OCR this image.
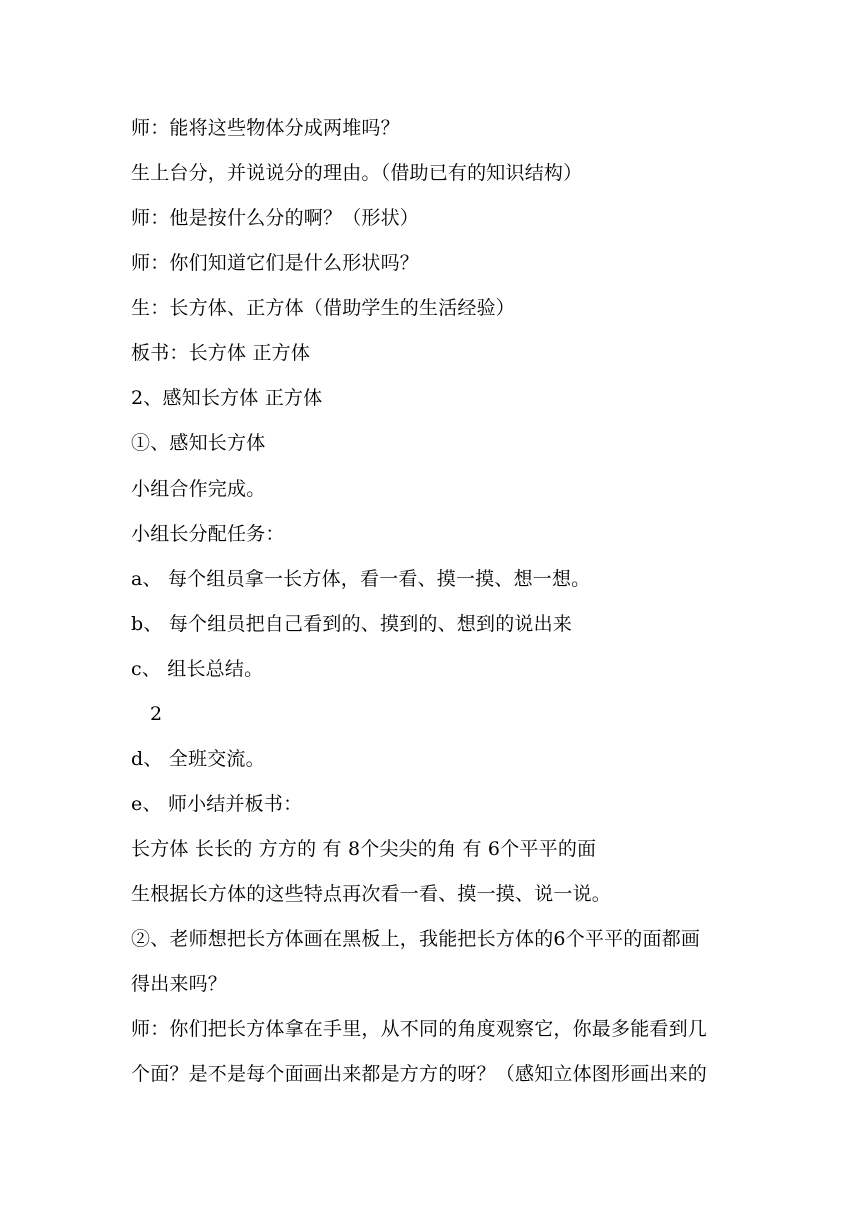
师：能将这些物体分成两堆吗？
生上台分，并说说分的理由。（借助已有的知识结构）
师：他是按什么分的啊？（形状）
师：你们知道它们是什么形状吗？
生：长方体、正方体（借助学生的生活经验）
板书：长方体 正方体
2、感知长方体 正方体
①、感知长方体
小组合作完成。
小组长分配任务：
a、 每个组员拿一长方体，看一看、摸一摸、想一想。
b、 每个组员把自己看到的、摸到的、想到的说出来
c、 组长总结。
2
d、 全班交流。
e、 师小结并板书：
长方体 长长的 方方的 有 8个尖尖的角 有 6个平平的面
生根据长方体的这些特点再次看一看、摸一摸、说一说。
②、老师想把长方体画在黑板上，我能把长方体的6个平平的面都画
得出来吗？
师：你们把长方体拿在手里，从不同的角度观察它，你最多能看到几
个面？是不是每个面画出来都是方方的呀？（感知立体图形画出来的
